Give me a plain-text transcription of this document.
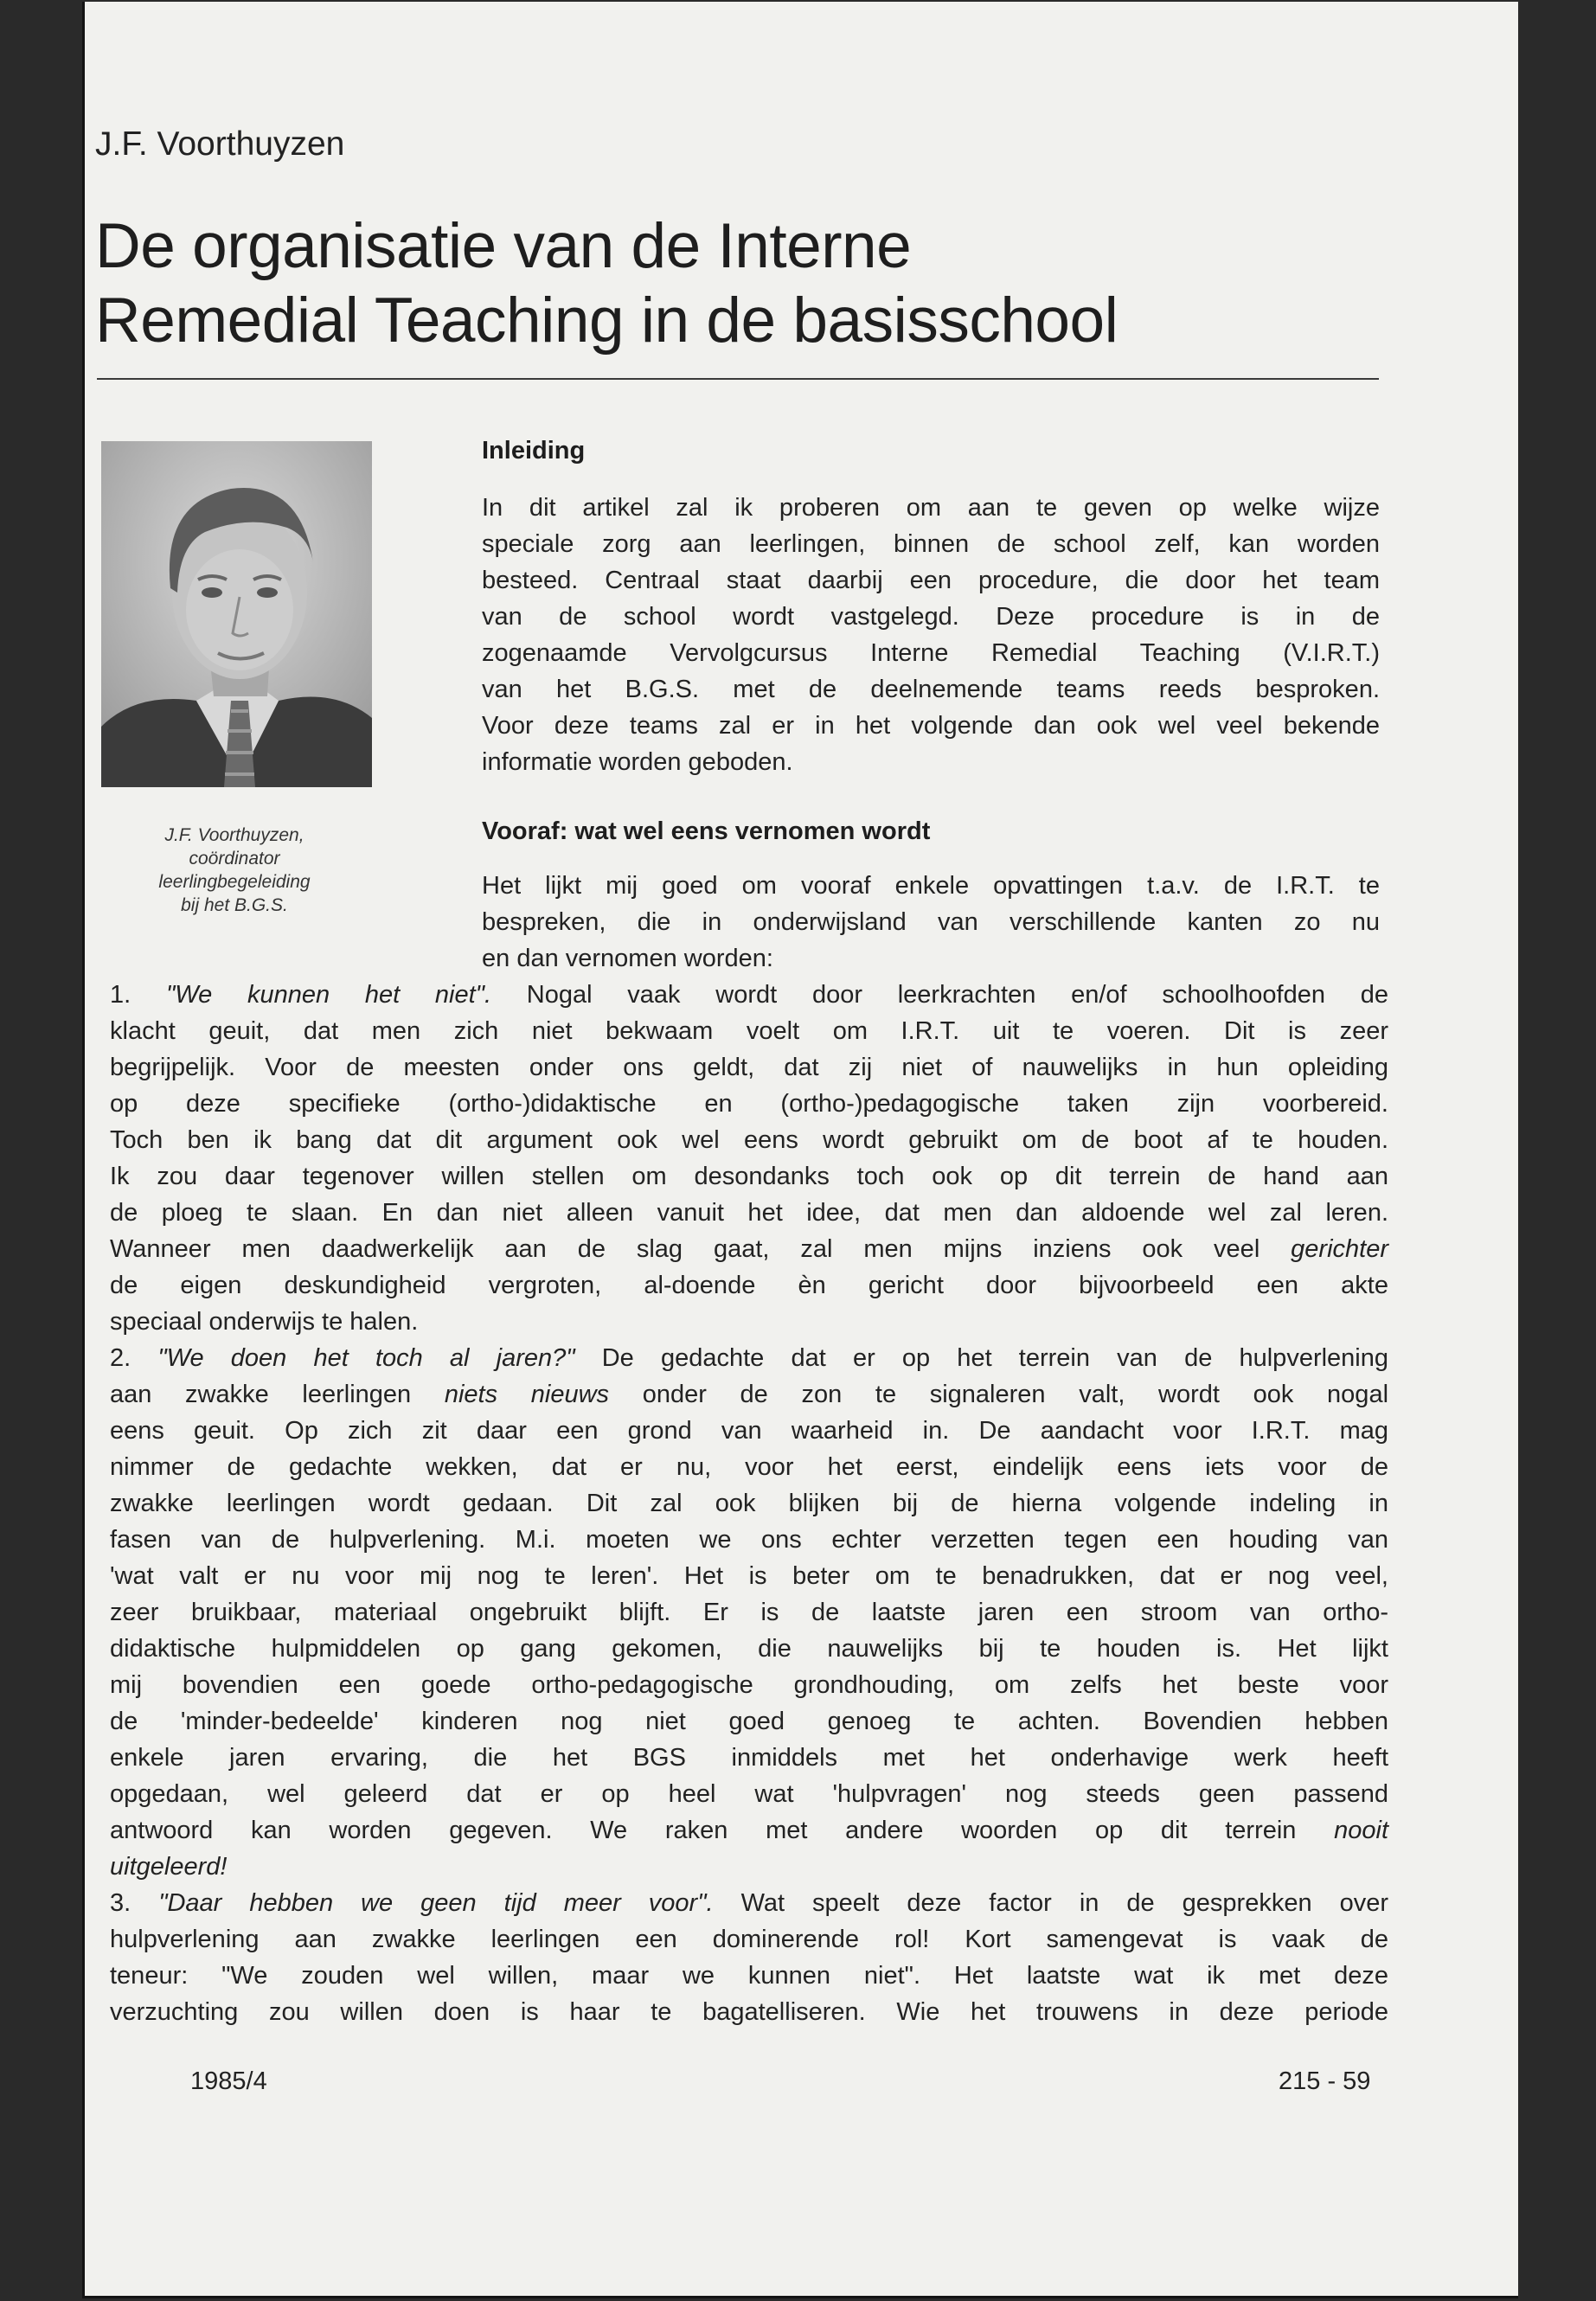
J.F. Voorthuyzen
De organisatie van de Interne
Remedial Teaching in de basisschool
J.F. Voorthuyzen,
coördinator
leerlingbegeleiding
bij het B.G.S.
Inleiding
In dit artikel zal ik proberen om aan te geven op welke wijze
speciale zorg aan leerlingen, binnen de school zelf, kan worden
besteed. Centraal staat daarbij een procedure, die door het team
van de school wordt vastgelegd. Deze procedure is in de
zogenaamde Vervolgcursus Interne Remedial Teaching (V.I.R.T.)
van het B.G.S. met de deelnemende teams reeds besproken.
Voor deze teams zal er in het volgende dan ook wel veel bekende
informatie worden geboden.
Vooraf: wat wel eens vernomen wordt
Het lijkt mij goed om vooraf enkele opvattingen t.a.v. de I.R.T. te
bespreken, die in onderwijsland van verschillende kanten zo nu
en dan vernomen worden:
1. "We kunnen het niet". Nogal vaak wordt door leerkrachten en/of schoolhoofden de
klacht geuit, dat men zich niet bekwaam voelt om I.R.T. uit te voeren. Dit is zeer
begrijpelijk. Voor de meesten onder ons geldt, dat zij niet of nauwelijks in hun opleiding
op deze specifieke (ortho-)didaktische en (ortho-)pedagogische taken zijn voorbereid.
Toch ben ik bang dat dit argument ook wel eens wordt gebruikt om de boot af te houden.
Ik zou daar tegenover willen stellen om desondanks toch ook op dit terrein de hand aan
de ploeg te slaan. En dan niet alleen vanuit het idee, dat men dan aldoende wel zal leren.
Wanneer men daadwerkelijk aan de slag gaat, zal men mijns inziens ook veel gerichter
de eigen deskundigheid vergroten, al-doende èn gericht door bijvoorbeeld een akte
speciaal onderwijs te halen.
2. "We doen het toch al jaren?" De gedachte dat er op het terrein van de hulpverlening
aan zwakke leerlingen niets nieuws onder de zon te signaleren valt, wordt ook nogal
eens geuit. Op zich zit daar een grond van waarheid in. De aandacht voor I.R.T. mag
nimmer de gedachte wekken, dat er nu, voor het eerst, eindelijk eens iets voor de
zwakke leerlingen wordt gedaan. Dit zal ook blijken bij de hierna volgende indeling in
fasen van de hulpverlening. M.i. moeten we ons echter verzetten tegen een houding van
'wat valt er nu voor mij nog te leren'. Het is beter om te benadrukken, dat er nog veel,
zeer bruikbaar, materiaal ongebruikt blijft. Er is de laatste jaren een stroom van ortho-
didaktische hulpmiddelen op gang gekomen, die nauwelijks bij te houden is. Het lijkt
mij bovendien een goede ortho-pedagogische grondhouding, om zelfs het beste voor
de 'minder-bedeelde' kinderen nog niet goed genoeg te achten. Bovendien hebben
enkele jaren ervaring, die het BGS inmiddels met het onderhavige werk heeft
opgedaan, wel geleerd dat er op heel wat 'hulpvragen' nog steeds geen passend
antwoord kan worden gegeven. We raken met andere woorden op dit terrein nooit
uitgeleerd!
3. "Daar hebben we geen tijd meer voor". Wat speelt deze factor in de gesprekken over
hulpverlening aan zwakke leerlingen een dominerende rol! Kort samengevat is vaak de
teneur: "We zouden wel willen, maar we kunnen niet". Het laatste wat ik met deze
verzuchting zou willen doen is haar te bagatelliseren. Wie het trouwens in deze periode
1985/4	215 - 59
